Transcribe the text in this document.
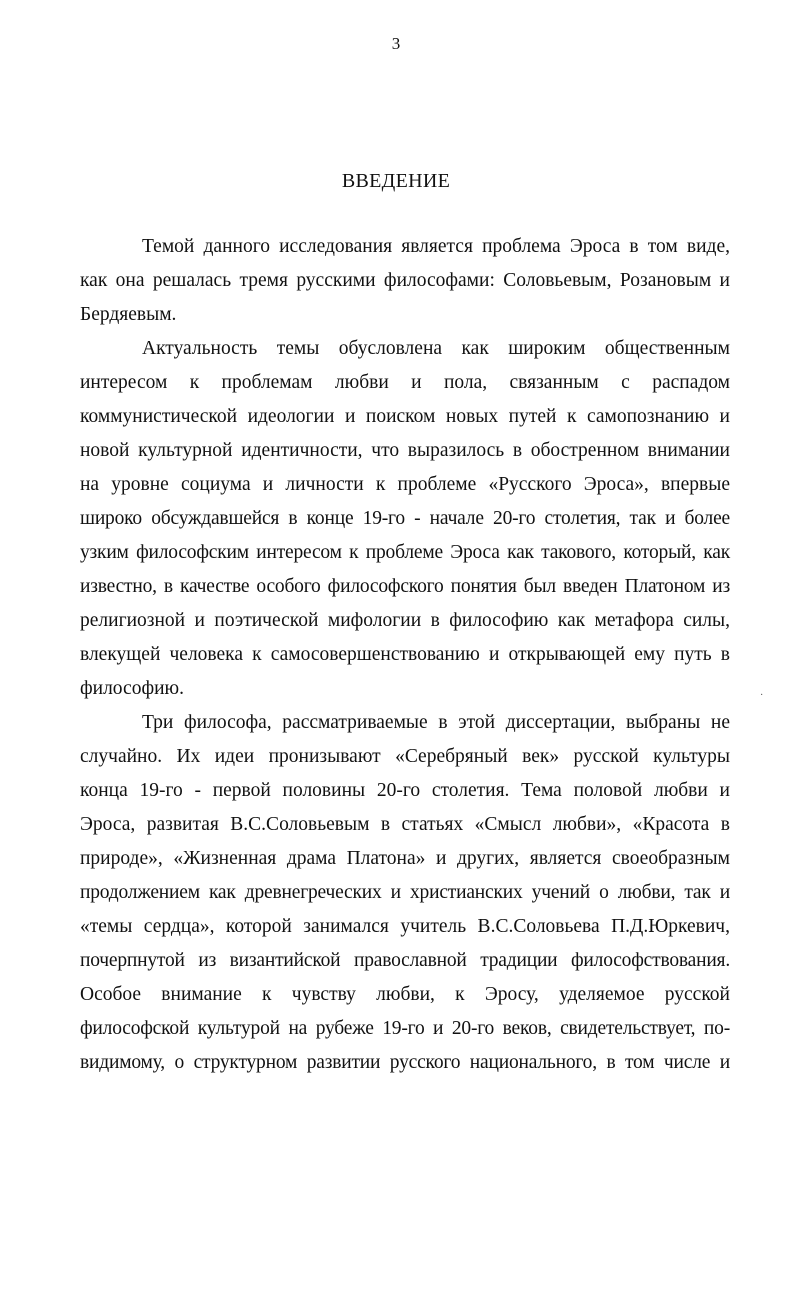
3
ВВЕДЕНИЕ
Темой данного исследования является проблема Эроса в том виде,
как она решалась тремя русскими философами: Соловьевым, Розановым и
Бердяевым.
Актуальность темы обусловлена как широким общественным
интересом к проблемам любви и пола, связанным с распадом
коммунистической идеологии и поиском новых путей к самопознанию и
новой культурной идентичности, что выразилось в обостренном внимании
на уровне социума и личности к проблеме «Русского Эроса», впервые
широко обсуждавшейся в конце 19-го - начале 20-го столетия, так и более
узким философским интересом к проблеме Эроса как такового, который, как
известно, в качестве особого философского понятия был введен Платоном из
религиозной и поэтической мифологии в философию как метафора силы,
влекущей человека к самосовершенствованию и открывающей ему путь в
философию.
Три философа, рассматриваемые в этой диссертации, выбраны не
случайно. Их идеи пронизывают «Серебряный век» русской культуры
конца 19-го - первой половины 20-го столетия. Тема половой любви и
Эроса, развитая В.С.Соловьевым в статьях «Смысл любви», «Красота в
природе», «Жизненная драма Платона» и других, является своеобразным
продолжением как древнегреческих и христианских учений о любви, так и
«темы сердца», которой занимался учитель В.С.Соловьева П.Д.Юркевич,
почерпнутой из византийской православной традиции философствования.
Особое внимание к чувству любви, к Эросу, уделяемое русской
философской культурой на рубеже 19-го и 20-го веков, свидетельствует, по-
видимому, о структурном развитии русского национального, в том числе и
·
